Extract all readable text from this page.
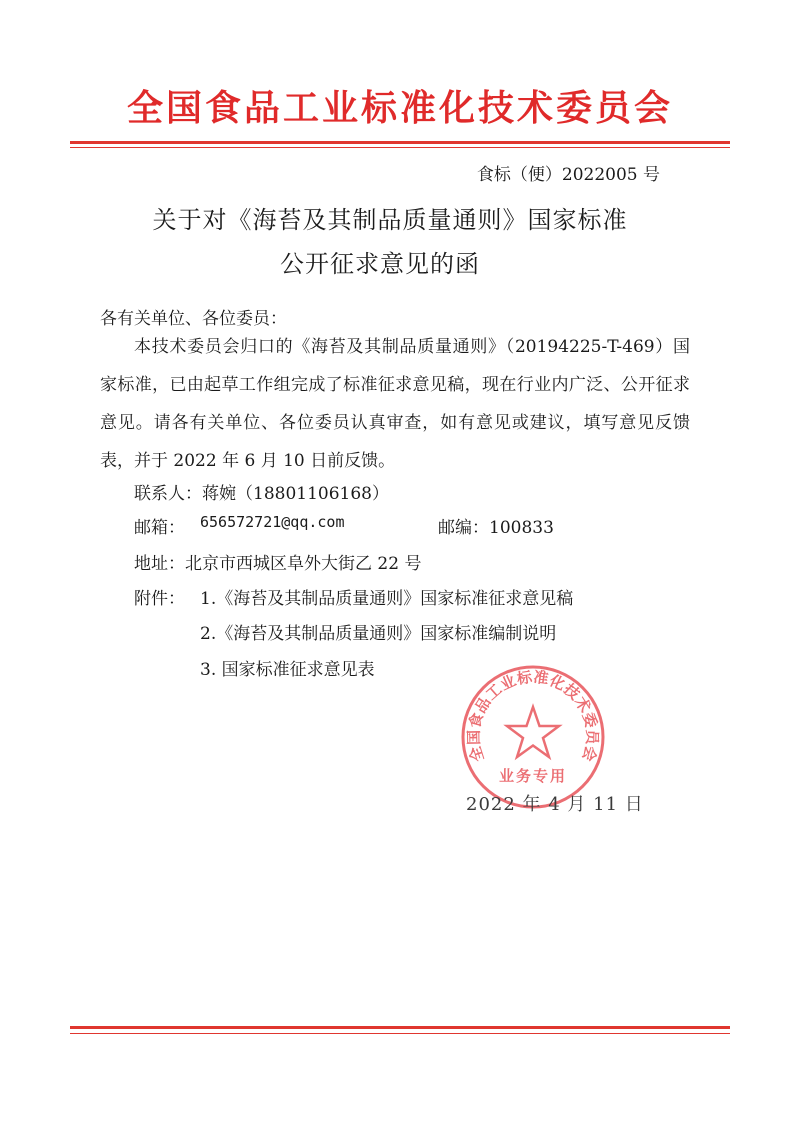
全国食品工业标准化技术委员会
食标（便）2022005 号
关于对《海苔及其制品质量通则》国家标准
公开征求意见的函
各有关单位、各位委员：
本技术委员会归口的《海苔及其制品质量通则》（20194225-T-469）国家标准，已由起草工作组完成了标准征求意见稿，现在行业内广泛、公开征求意见。请各有关单位、各位委员认真审查，如有意见或建议，填写意见反馈表，并于 2022 年 6 月 10 日前反馈。
联系人：蒋婉（18801106168）
邮箱： 656572721@qq.com	邮编：100833
地址：北京市西城区阜外大街乙 22 号
附件： 1.《海苔及其制品质量通则》国家标准征求意见稿
2.《海苔及其制品质量通则》国家标准编制说明
3. 国家标准征求意见表
全国食品工业标准化技术委员会
业务专用
2022 年 4 月 11 日
